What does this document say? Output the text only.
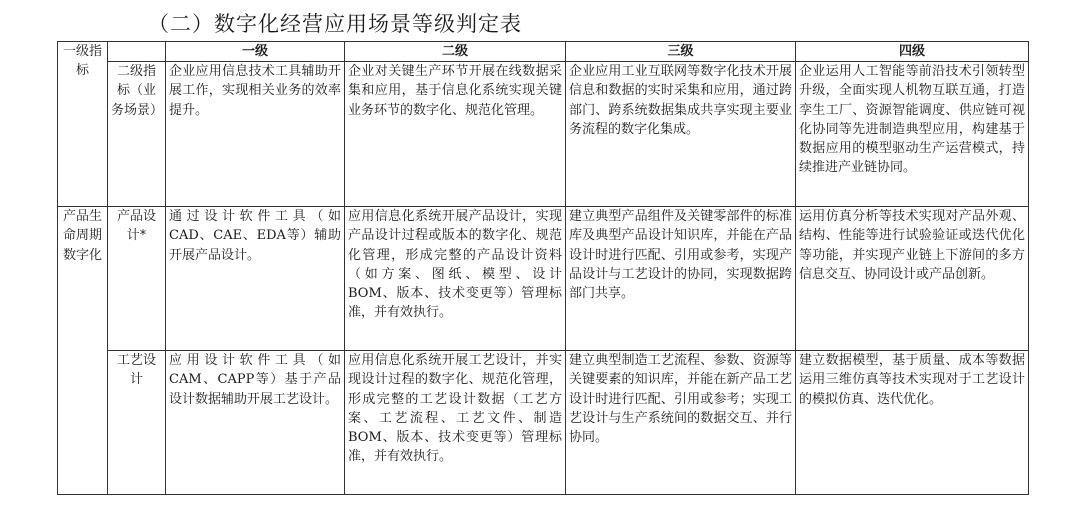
（二）数字化经营应用场景等级判定表
一级指标		一级	二级	三级	四级
	二级指标（业务场景）	企业应用信息技术工具辅助开展工作，实现相关业务的效率提升。	企业对关键生产环节开展在线数据采集和应用，基于信息化系统实现关键业务环节的数字化、规范化管理。	企业应用工业互联网等数字化技术开展信息和数据的实时采集和应用，通过跨部门、跨系统数据集成共享实现主要业务流程的数字化集成。	企业运用人工智能等前沿技术引领转型升级，全面实现人机物互联互通，打造孪生工厂、资源智能调度、供应链可视化协同等先进制造典型应用，构建基于数据应用的模型驱动生产运营模式，持续推进产业链协同。
产品生命周期数字化	产品设计*	通过设计软件工具（如CAD、CAE、EDA等）辅助开展产品设计。	应用信息化系统开展产品设计，实现产品设计过程或版本的数字化、规范化管理，形成完整的产品设计资料（如方案、图纸、模型、设计BOM、版本、技术变更等）管理标准，并有效执行。	建立典型产品组件及关键零部件的标准库及典型产品设计知识库，并能在产品设计时进行匹配、引用或参考，实现产品设计与工艺设计的协同，实现数据跨部门共享。	运用仿真分析等技术实现对产品外观、结构、性能等进行试验验证或迭代优化等功能，并实现产业链上下游间的多方信息交互、协同设计或产品创新。
	工艺设计	应用设计软件工具（如CAM、CAPP等）基于产品设计数据辅助开展工艺设计。	应用信息化系统开展工艺设计，并实现设计过程的数字化、规范化管理，形成完整的工艺设计数据（工艺方案、工艺流程、工艺文件、制造BOM、版本、技术变更等）管理标准，并有效执行。	建立典型制造工艺流程、参数、资源等关键要素的知识库，并能在新产品工艺设计时进行匹配、引用或参考；实现工艺设计与生产系统间的数据交互、并行协同。	建立数据模型，基于质量、成本等数据运用三维仿真等技术实现对于工艺设计的模拟仿真、迭代优化。
